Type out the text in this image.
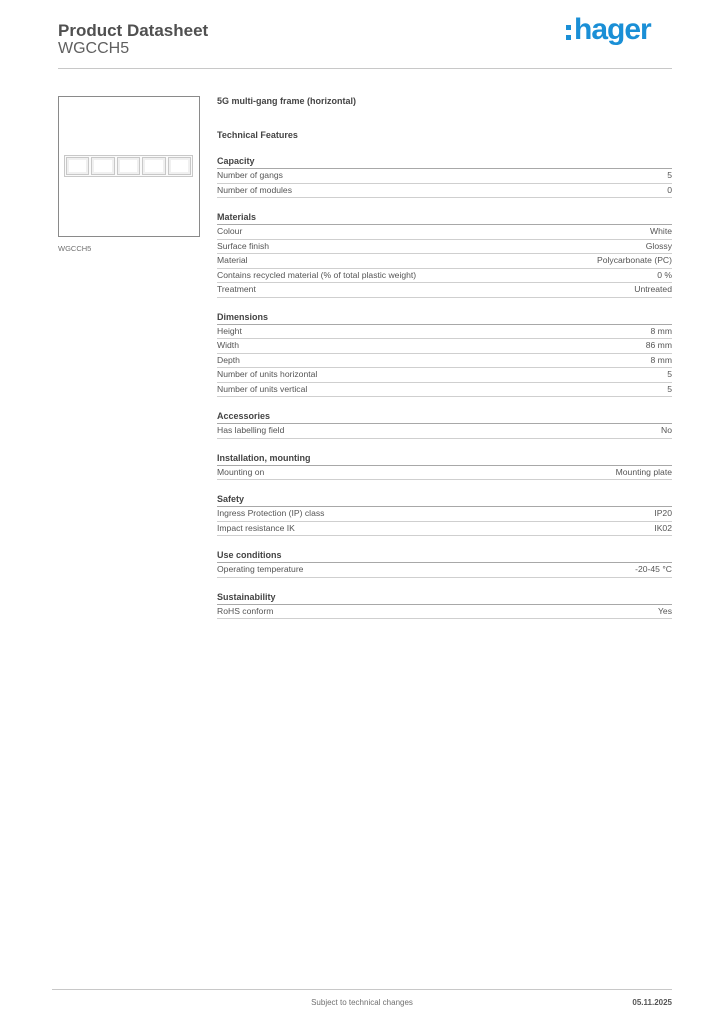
Product Datasheet
WGCCH5
hager
WGCCH5
5G multi-gang frame (horizontal)
Technical Features
Capacity
Number of gangs	5
Number of modules	0
Materials
Colour	White
Surface finish	Glossy
Material	Polycarbonate (PC)
Contains recycled material (% of total plastic weight)	0 %
Treatment	Untreated
Dimensions
Height	8 mm
Width	86 mm
Depth	8 mm
Number of units horizontal	5
Number of units vertical	5
Accessories
Has labelling field	No
Installation, mounting
Mounting on	Mounting plate
Safety
Ingress Protection (IP) class	IP20
Impact resistance IK	IK02
Use conditions
Operating temperature	-20-45 °C
Sustainability
RoHS conform	Yes
Subject to technical changes	05.11.2025
